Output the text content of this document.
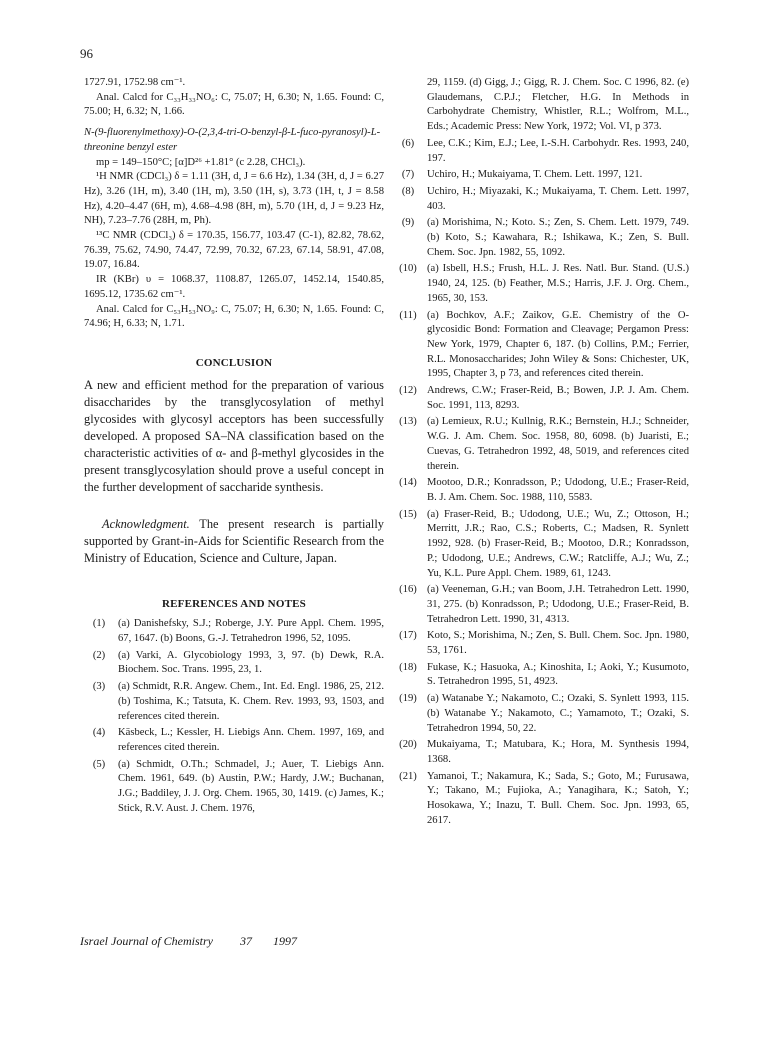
96

1727.91, 1752.98 cm⁻¹.

Anal. Calcd for C₃₃H₃₃NO₆: C, 75.07; H, 6.30; N, 1.65. Found: C, 75.00; H, 6.32; N, 1.66.

N-(9-fluorenylmethoxy)-O-(2,3,4-tri-O-benzyl-β-L-fuco-pyranosyl)-L-threonine benzyl ester

mp = 149–150°C; [α]D²⁶ +1.81° (c 2.28, CHCl₃).

¹H NMR (CDCl₃) δ = 1.11 (3H, d, J = 6.6 Hz), 1.34 (3H, d, J = 6.27 Hz), 3.26 (1H, m), 3.40 (1H, m), 3.50 (1H, s), 3.73 (1H, t, J = 8.58 Hz), 4.20–4.47 (6H, m), 4.68–4.98 (8H, m), 5.70 (1H, d, J = 9.23 Hz, NH), 7.23–7.76 (28H, m, Ph).

¹³C NMR (CDCl₃) δ = 170.35, 156.77, 103.47 (C-1), 82.82, 78.62, 76.39, 75.62, 74.90, 74.47, 72.99, 70.32, 67.23, 67.14, 58.91, 47.08, 19.07, 16.84.

IR (KBr) υ = 1068.37, 1108.87, 1265.07, 1452.14, 1540.85, 1695.12, 1735.62 cm⁻¹.

Anal. Calcd for C₅₃H₅₃NO₉: C, 75.07; H, 6.30; N, 1.65. Found: C, 74.96; H, 6.33; N, 1.71.

CONCLUSION

A new and efficient method for the preparation of various disaccharides by the transglycosylation of methyl glycosides with glycosyl acceptors has been successfully developed. A proposed SA–NA classification based on the characteristic activities of α- and β-methyl glycosides in the present transglycosylation should prove a useful concept in the further development of saccharide synthesis.

Acknowledgment. The present research is partially supported by Grant-in-Aids for Scientific Research from the Ministry of Education, Science and Culture, Japan.

REFERENCES AND NOTES
(1)	(a) Danishefsky, S.J.; Roberge, J.Y. Pure Appl. Chem. 1995, 67, 1647. (b) Boons, G.-J. Tetrahedron 1996, 52, 1095.
(2)	(a) Varki, A. Glycobiology 1993, 3, 97. (b) Dewk, R.A. Biochem. Soc. Trans. 1995, 23, 1.
(3)	(a) Schmidt, R.R. Angew. Chem., Int. Ed. Engl. 1986, 25, 212. (b) Toshima, K.; Tatsuta, K. Chem. Rev. 1993, 93, 1503, and references cited therein.
(4)	Käsbeck, L.; Kessler, H. Liebigs Ann. Chem. 1997, 169, and references cited therein.
(5)	(a) Schmidt, O.Th.; Schmadel, J.; Auer, T. Liebigs Ann. Chem. 1961, 649. (b) Austin, P.W.; Hardy, J.W.; Buchanan, J.G.; Baddiley, J. J. Org. Chem. 1965, 30, 1419. (c) James, K.; Stick, R.V. Aust. J. Chem. 1976,
29, 1159. (d) Gigg, J.; Gigg, R. J. Chem. Soc. C 1996, 82. (e) Glaudemans, C.P.J.; Fletcher, H.G. In Methods in Carbohydrate Chemistry, Whistler, R.L.; Wolfrom, M.L., Eds.; Academic Press: New York, 1972; Vol. VI, p 373.
(6)	Lee, C.K.; Kim, E.J.; Lee, I.-S.H. Carbohydr. Res. 1993, 240, 197.
(7)	Uchiro, H.; Mukaiyama, T. Chem. Lett. 1997, 121.
(8)	Uchiro, H.; Miyazaki, K.; Mukaiyama, T. Chem. Lett. 1997, 403.
(9)	(a) Morishima, N.; Koto. S.; Zen, S. Chem. Lett. 1979, 749. (b) Koto, S.; Kawahara, R.; Ishikawa, K.; Zen, S. Bull. Chem. Soc. Jpn. 1982, 55, 1092.
(10) (a) Isbell, H.S.; Frush, H.L. J. Res. Natl. Bur. Stand. (U.S.) 1940, 24, 125. (b) Feather, M.S.; Harris, J.F. J. Org. Chem., 1965, 30, 153.
(11) (a) Bochkov, A.F.; Zaikov, G.E. Chemistry of the O-glycosidic Bond: Formation and Cleavage; Pergamon Press: New York, 1979, Chapter 6, 187. (b) Collins, P.M.; Ferrier, R.L. Monosaccharides; John Wiley & Sons: Chichester, UK, 1995, Chapter 3, p 73, and references cited therein.
(12) Andrews, C.W.; Fraser-Reid, B.; Bowen, J.P. J. Am. Chem. Soc. 1991, 113, 8293.
(13) (a) Lemieux, R.U.; Kullnig, R.K.; Bernstein, H.J.; Schneider, W.G. J. Am. Chem. Soc. 1958, 80, 6098. (b) Juaristi, E.; Cuevas, G. Tetrahedron 1992, 48, 5019, and references cited therein.
(14) Mootoo, D.R.; Konradsson, P.; Udodong, U.E.; Fraser-Reid, B. J. Am. Chem. Soc. 1988, 110, 5583.
(15) (a) Fraser-Reid, B.; Udodong, U.E.; Wu, Z.; Ottoson, H.; Merritt, J.R.; Rao, C.S.; Roberts, C.; Madsen, R. Synlett 1992, 928. (b) Fraser-Reid, B.; Mootoo, D.R.; Konradsson, P.; Udodong, U.E.; Andrews, C.W.; Ratcliffe, A.J.; Wu, Z.; Yu, K.L. Pure Appl. Chem. 1989, 61, 1243.
(16) (a) Veeneman, G.H.; van Boom, J.H. Tetrahedron Lett. 1990, 31, 275. (b) Konradsson, P.; Udodong, U.E.; Fraser-Reid, B. Tetrahedron Lett. 1990, 31, 4313.
(17) Koto, S.; Morishima, N.; Zen, S. Bull. Chem. Soc. Jpn. 1980, 53, 1761.
(18) Fukase, K.; Hasuoka, A.; Kinoshita, I.; Aoki, Y.; Kusumoto, S. Tetrahedron 1995, 51, 4923.
(19) (a) Watanabe Y.; Nakamoto, C.; Ozaki, S. Synlett 1993, 115. (b) Watanabe Y.; Nakamoto, C.; Yamamoto, T.; Ozaki, S. Tetrahedron 1994, 50, 22.
(20) Mukaiyama, T.; Matubara, K.; Hora, M. Synthesis 1994, 1368.
(21) Yamanoi, T.; Nakamura, K.; Sada, S.; Goto, M.; Furusawa, Y.; Takano, M.; Fujioka, A.; Yanagihara, K.; Satoh, Y.; Hosokawa, Y.; Inazu, T. Bull. Chem. Soc. Jpn. 1993, 65, 2617.
Israel Journal of Chemistry 37 1997
